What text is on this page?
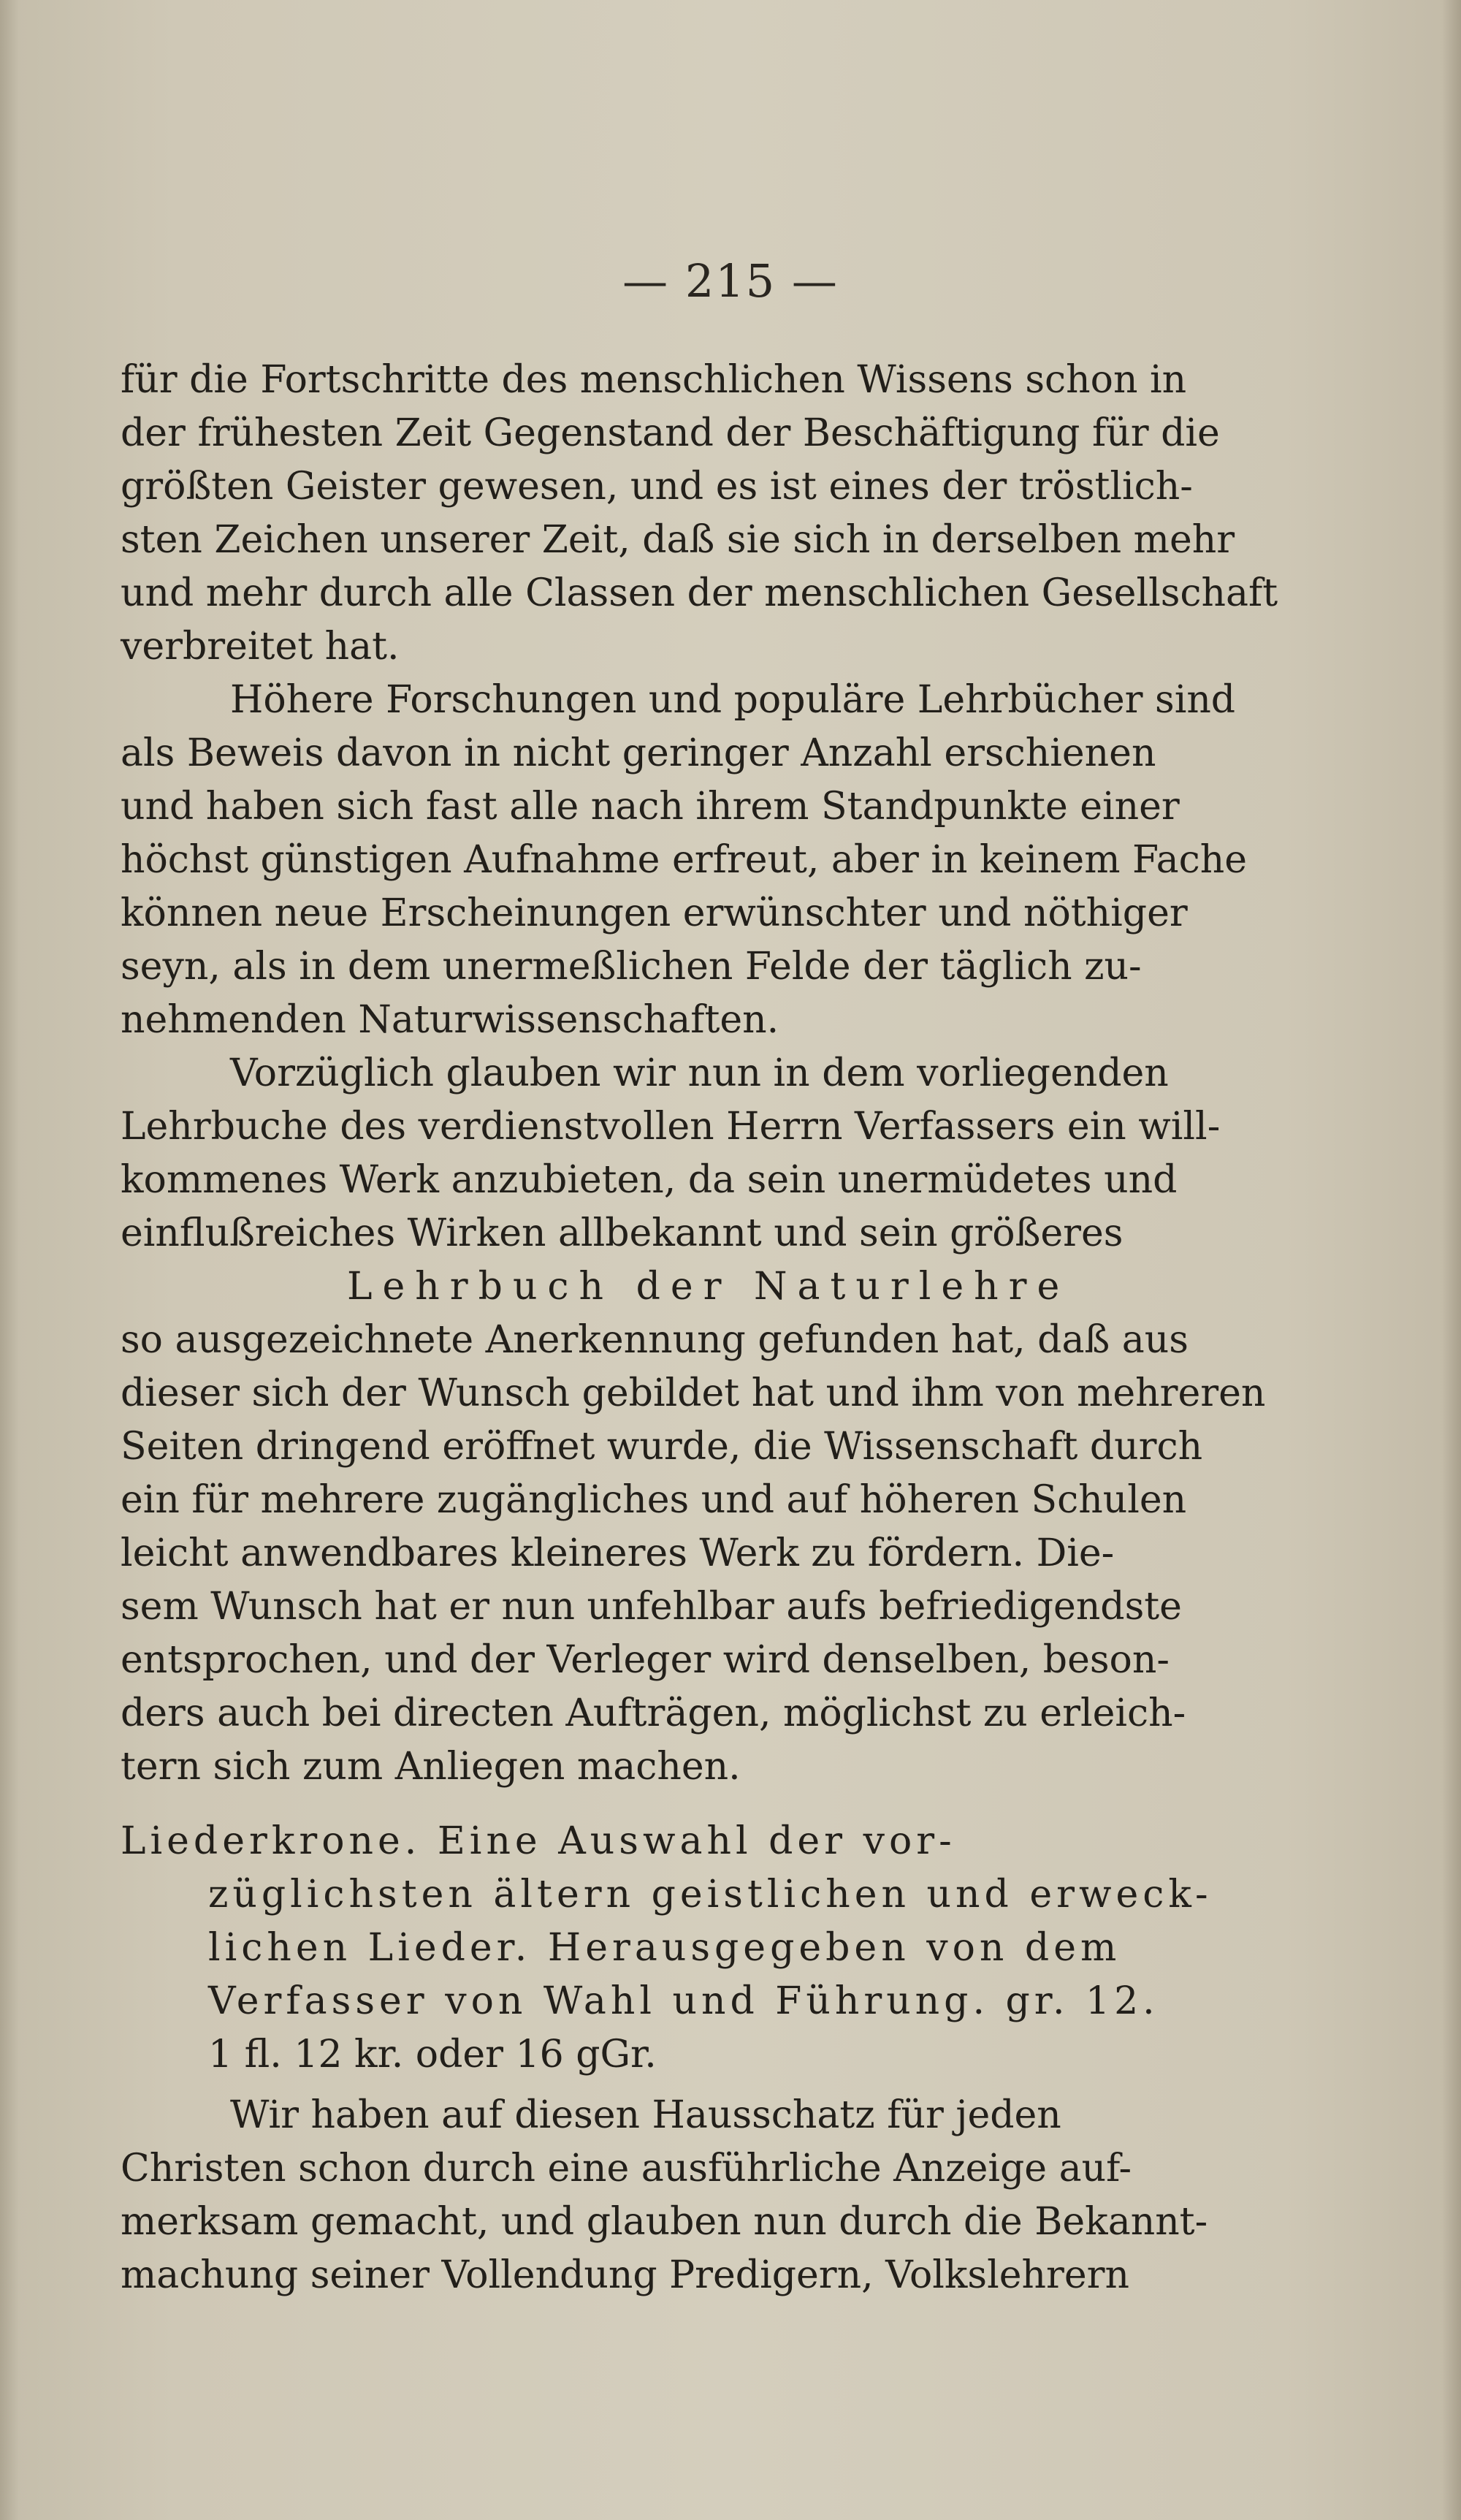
— 215 —
für die Fortschritte des menschlichen Wissens schon in
der frühesten Zeit Gegenstand der Beschäftigung für die
größten Geister gewesen, und es ist eines der tröstlich-
sten Zeichen unserer Zeit, daß sie sich in derselben mehr
und mehr durch alle Classen der menschlichen Gesellschaft
verbreitet hat.
Höhere Forschungen und populäre Lehrbücher sind
als Beweis davon in nicht geringer Anzahl erschienen
und haben sich fast alle nach ihrem Standpunkte einer
höchst günstigen Aufnahme erfreut, aber in keinem Fache
können neue Erscheinungen erwünschter und nöthiger
seyn, als in dem unermeßlichen Felde der täglich zu-
nehmenden Naturwissenschaften.
Vorzüglich glauben wir nun in dem vorliegenden
Lehrbuche des verdienstvollen Herrn Verfassers ein will-
kommenes Werk anzubieten, da sein unermüdetes und
einflußreiches Wirken allbekannt und sein größeres
Lehrbuch der Naturlehre
so ausgezeichnete Anerkennung gefunden hat, daß aus
dieser sich der Wunsch gebildet hat und ihm von mehreren
Seiten dringend eröffnet wurde, die Wissenschaft durch
ein für mehrere zugängliches und auf höheren Schulen
leicht anwendbares kleineres Werk zu fördern. Die-
sem Wunsch hat er nun unfehlbar aufs befriedigendste
entsprochen, und der Verleger wird denselben, beson-
ders auch bei directen Aufträgen, möglichst zu erleich-
tern sich zum Anliegen machen.
Liederkrone. Eine Auswahl der vor-
züglichsten ältern geistlichen und erweck-
lichen Lieder. Herausgegeben von dem
Verfasser von Wahl und Führung. gr. 12.
1 fl. 12 kr. oder 16 gGr.
Wir haben auf diesen Hausschatz für jeden
Christen schon durch eine ausführliche Anzeige auf-
merksam gemacht, und glauben nun durch die Bekannt-
machung seiner Vollendung Predigern, Volkslehrern
